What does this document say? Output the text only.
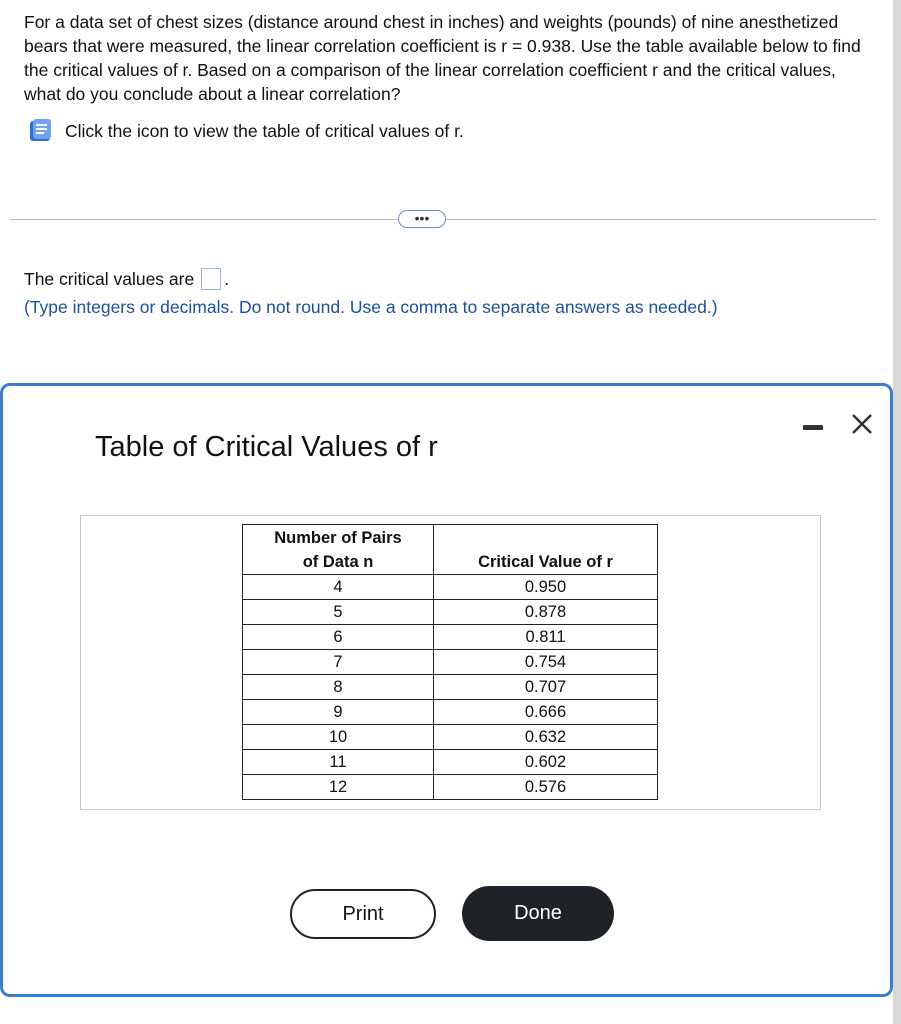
For a data set of chest sizes (distance around chest in inches) and weights (pounds) of nine anesthetized bears that were measured, the linear correlation coefficient is r = 0.938. Use the table available below to find the critical values of r. Based on a comparison of the linear correlation coefficient r and the critical values, what do you conclude about a linear correlation?
Click the icon to view the table of critical values of r.
•••
The critical values are .
(Type integers or decimals. Do not round. Use a comma to separate answers as needed.)
Table of Critical Values of r
Number of Pairs
of Data n	Critical Value of r
4	0.950
5	0.878
6	0.811
7	0.754
8	0.707
9	0.666
10	0.632
11	0.602
12	0.576
Print	Done
